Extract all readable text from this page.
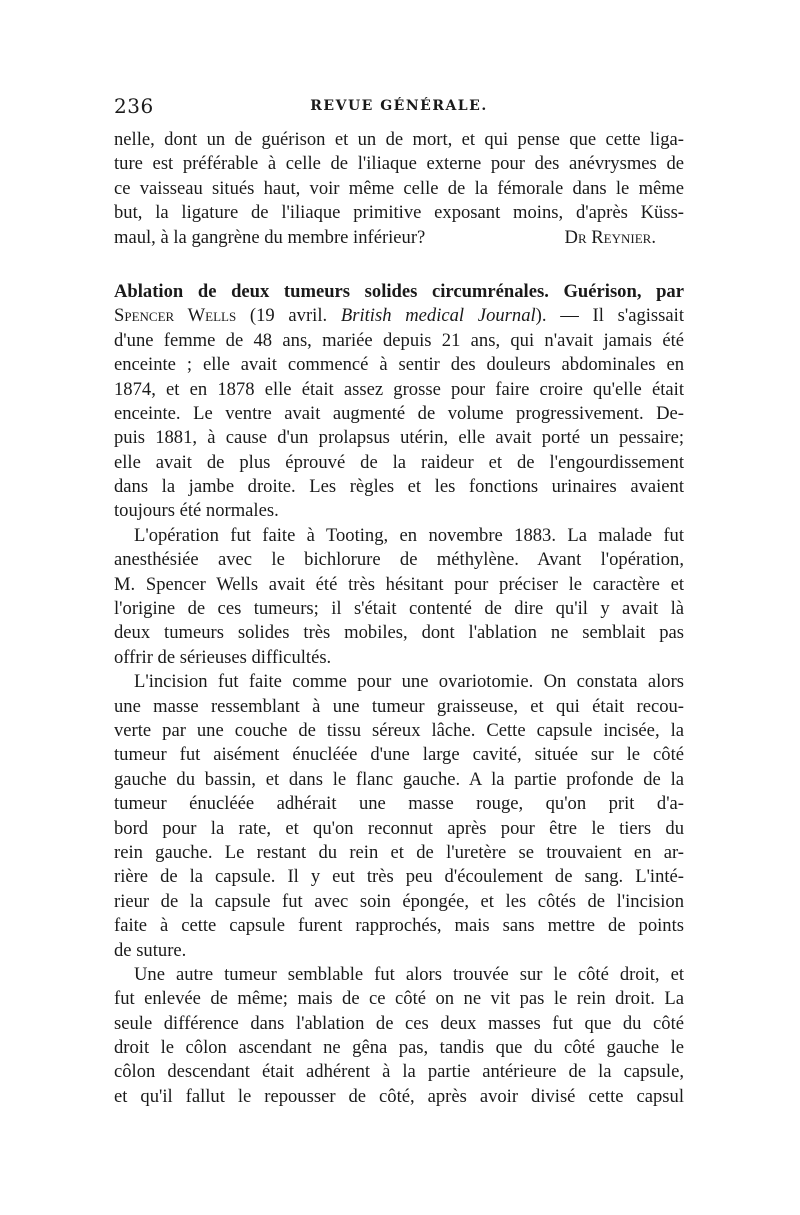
236	REVUE GÉNÉRALE.
nelle, dont un de guérison et un de mort, et qui pense que cette liga-
ture est préférable à celle de l'iliaque externe pour des anévrysmes de
ce vaisseau situés haut, voir même celle de la fémorale dans le même
but, la ligature de l'iliaque primitive exposant moins, d'après Küss-
maul, à la gangrène du membre inférieur?	Dr Reynier.
Ablation de deux tumeurs solides circumrénales. Guérison, par
Spencer Wells (19 avril. British medical Journal). — Il s'agissait
d'une femme de 48 ans, mariée depuis 21 ans, qui n'avait jamais été
enceinte ; elle avait commencé à sentir des douleurs abdominales en
1874, et en 1878 elle était assez grosse pour faire croire qu'elle était
enceinte. Le ventre avait augmenté de volume progressivement. De-
puis 1881, à cause d'un prolapsus utérin, elle avait porté un pessaire;
elle avait de plus éprouvé de la raideur et de l'engourdissement
dans la jambe droite. Les règles et les fonctions urinaires avaient
toujours été normales.
L'opération fut faite à Tooting, en novembre 1883. La malade fut
anesthésiée avec le bichlorure de méthylène. Avant l'opération,
M. Spencer Wells avait été très hésitant pour préciser le caractère et
l'origine de ces tumeurs; il s'était contenté de dire qu'il y avait là
deux tumeurs solides très mobiles, dont l'ablation ne semblait pas
offrir de sérieuses difficultés.
L'incision fut faite comme pour une ovariotomie. On constata alors
une masse ressemblant à une tumeur graisseuse, et qui était recou-
verte par une couche de tissu séreux lâche. Cette capsule incisée, la
tumeur fut aisément énucléée d'une large cavité, située sur le côté
gauche du bassin, et dans le flanc gauche. A la partie profonde de la
tumeur énucléée adhérait une masse rouge, qu'on prit d'a-
bord pour la rate, et qu'on reconnut après pour être le tiers du
rein gauche. Le restant du rein et de l'uretère se trouvaient en ar-
rière de la capsule. Il y eut très peu d'écoulement de sang. L'inté-
rieur de la capsule fut avec soin épongée, et les côtés de l'incision
faite à cette capsule furent rapprochés, mais sans mettre de points
de suture.
Une autre tumeur semblable fut alors trouvée sur le côté droit, et
fut enlevée de même; mais de ce côté on ne vit pas le rein droit. La
seule différence dans l'ablation de ces deux masses fut que du côté
droit le côlon ascendant ne gêna pas, tandis que du côté gauche le
côlon descendant était adhérent à la partie antérieure de la capsule,
et qu'il fallut le repousser de côté, après avoir divisé cette capsul
